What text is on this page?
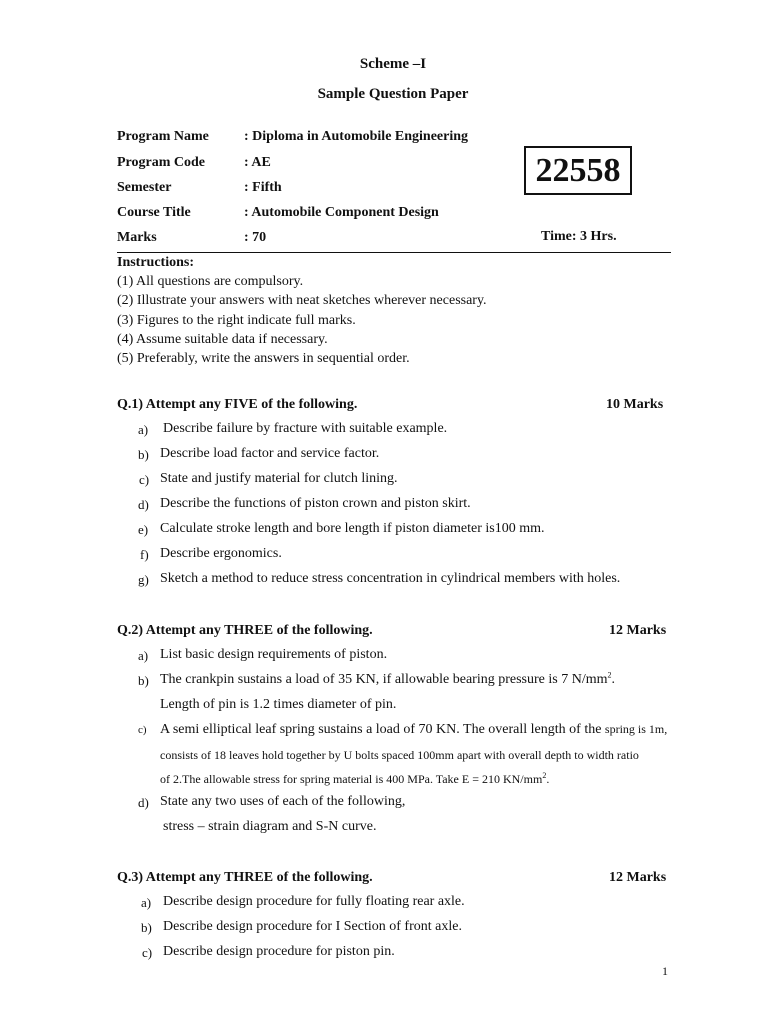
Scheme –I
Sample Question Paper
Program Name	: Diploma in Automobile Engineering
Program Code	: AE
Semester	: Fifth
Course Title	: Automobile Component Design
Marks	: 70
22558
Time: 3 Hrs.
Instructions:
(1) All questions are compulsory.
(2) Illustrate your answers with neat sketches wherever necessary.
(3) Figures to the right indicate full marks.
(4) Assume suitable data if necessary.
(5) Preferably, write the answers in sequential order.
Q.1) Attempt any FIVE of the following.	10 Marks
a) Describe failure by fracture with suitable example.
b) Describe load factor and service factor.
c) State and justify material for clutch lining.
d) Describe the functions of piston crown and piston skirt.
e) Calculate stroke length and bore length if piston diameter is100 mm.
f) Describe ergonomics.
g) Sketch a method to reduce stress concentration in cylindrical members with holes.
Q.2) Attempt any THREE of the following.	12 Marks
a) List basic design requirements of piston.
b) The crankpin sustains a load of 35 KN, if allowable bearing pressure is 7 $N/mm^2$.
Length of pin is 1.2 times diameter of pin.
c) A semi elliptical leaf spring sustains a load of 70 KN. The overall length of the spring is 1m,
consists of 18 leaves hold together by U bolts spaced 100mm apart with overall depth to width ratio
of 2.The allowable stress for spring material is 400 MPa. Take E = 210 $KN/mm^2$.
d) State any two uses of each of the following,
stress – strain diagram and S-N curve.
Q.3) Attempt any THREE of the following.	12 Marks
a) Describe design procedure for fully floating rear axle.
b) Describe design procedure for I Section of front axle.
c) Describe design procedure for piston pin.
1
